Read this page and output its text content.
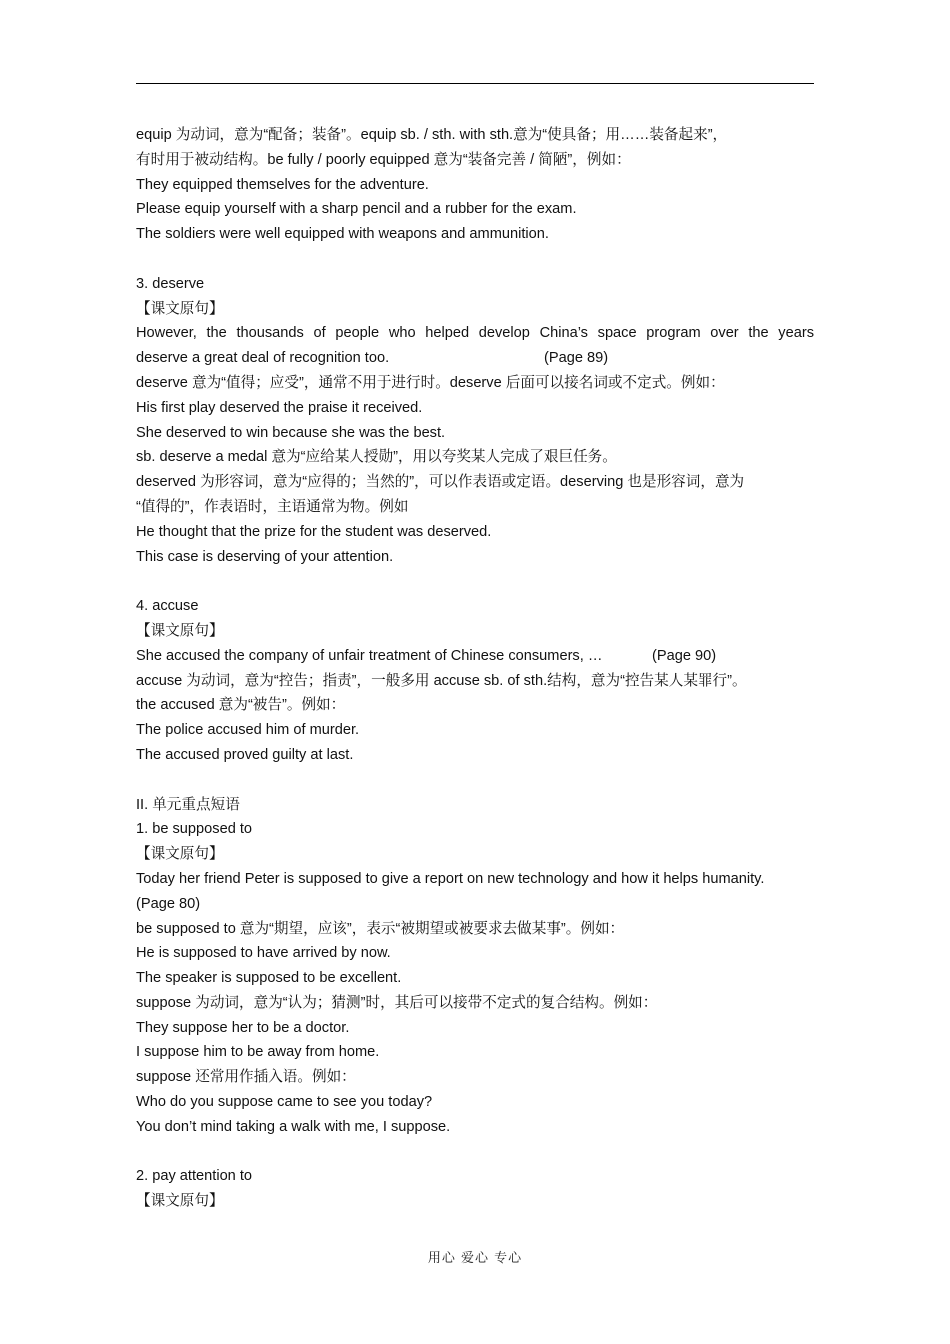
equip 为动词，意为“配备；装备”。equip sb. / sth. with sth.意为“使具备；用……装备起来”，
有时用于被动结构。be fully / poorly equipped 意为“装备完善 / 简陋”，例如：
They equipped themselves for the adventure.
Please equip yourself with a sharp pencil and a rubber for the exam.
The soldiers were well equipped with weapons and ammunition.
3. deserve
【课文原句】
However, the thousands of people who helped develop China’s space program over the years
deserve a great deal of recognition too.	(Page 89)
deserve 意为“值得；应受”，通常不用于进行时。deserve 后面可以接名词或不定式。例如：
His first play deserved the praise it received.
She deserved to win because she was the best.
sb. deserve a medal 意为“应给某人授勋”，用以夸奖某人完成了艰巨任务。
deserved 为形容词，意为“应得的；当然的”，可以作表语或定语。deserving 也是形容词，意为
“值得的”，作表语时，主语通常为物。例如
He thought that the prize for the student was deserved.
This case is deserving of your attention.
4. accuse
【课文原句】
She accused the company of unfair treatment of Chinese consumers, …	(Page 90)
accuse 为动词，意为“控告；指责”，一般多用 accuse sb. of sth.结构，意为“控告某人某罪行”。
the accused 意为“被告”。例如：
The police accused him of murder.
The accused proved guilty at last.
II. 单元重点短语
1. be supposed to
【课文原句】
Today her friend Peter is supposed to give a report on new technology and how it helps humanity.
(Page 80)
be supposed to 意为“期望，应该”，表示“被期望或被要求去做某事”。例如：
He is supposed to have arrived by now.
The speaker is supposed to be excellent.
suppose 为动词，意为“认为；猜测”时，其后可以接带不定式的复合结构。例如：
They suppose her to be a doctor.
I suppose him to be away from home.
suppose 还常用作插入语。例如：
Who do you suppose came to see you today?
You don’t mind taking a walk with me, I suppose.
2. pay attention to
【课文原句】
用心 爱心 专心
